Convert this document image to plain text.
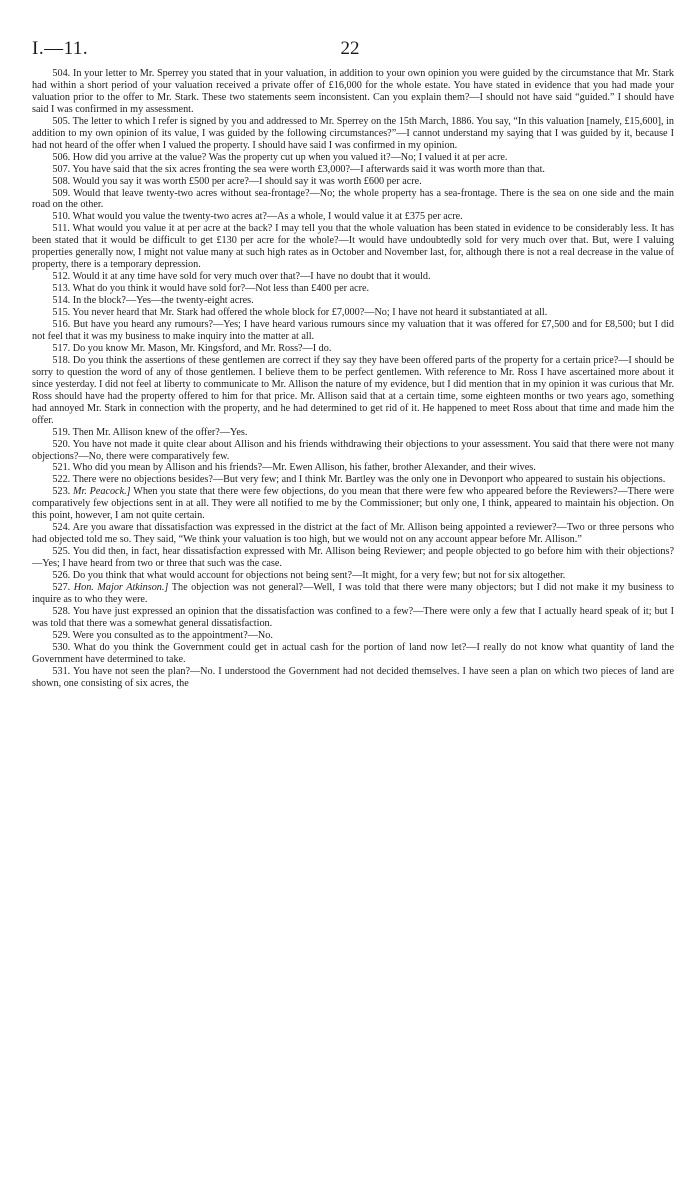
I.—11.	22

504. In your letter to Mr. Sperrey you stated that in your valuation, in addition to your own opinion you were guided by the circumstance that Mr. Stark had within a short period of your valuation received a private offer of £16,000 for the whole estate. You have stated in evidence that you had made your valuation prior to the offer to Mr. Stark. These two statements seem inconsistent. Can you explain them?—I should not have said “guided.” I should have said I was confirmed in my assessment.

505. The letter to which I refer is signed by you and addressed to Mr. Sperrey on the 15th March, 1886. You say, “In this valuation [namely, £15,600], in addition to my own opinion of its value, I was guided by the following circumstances?”—I cannot understand my saying that I was guided by it, because I had not heard of the offer when I valued the property. I should have said I was confirmed in my opinion.

506. How did you arrive at the value? Was the property cut up when you valued it?—No; I valued it at per acre.

507. You have said that the six acres fronting the sea were worth £3,000?—I afterwards said it was worth more than that.

508. Would you say it was worth £500 per acre?—I should say it was worth £600 per acre.

509. Would that leave twenty-two acres without sea-frontage?—No; the whole property has a sea-frontage. There is the sea on one side and the main road on the other.

510. What would you value the twenty-two acres at?—As a whole, I would value it at £375 per acre.

511. What would you value it at per acre at the back? I may tell you that the whole valuation has been stated in evidence to be considerably less. It has been stated that it would be difficult to get £130 per acre for the whole?—It would have undoubtedly sold for very much over that. But, were I valuing properties generally now, I might not value many at such high rates as in October and November last, for, although there is not a real decrease in the value of property, there is a temporary depression.

512. Would it at any time have sold for very much over that?—I have no doubt that it would.

513. What do you think it would have sold for?—Not less than £400 per acre.

514. In the block?—Yes—the twenty-eight acres.

515. You never heard that Mr. Stark had offered the whole block for £7,000?—No; I have not heard it substantiated at all.

516. But have you heard any rumours?—Yes; I have heard various rumours since my valuation that it was offered for £7,500 and for £8,500; but I did not feel that it was my business to make inquiry into the matter at all.

517. Do you know Mr. Mason, Mr. Kingsford, and Mr. Ross?—I do.

518. Do you think the assertions of these gentlemen are correct if they say they have been offered parts of the property for a certain price?—I should be sorry to question the word of any of those gentlemen. I believe them to be perfect gentlemen. With reference to Mr. Ross I have ascertained more about it since yesterday. I did not feel at liberty to communicate to Mr. Allison the nature of my evidence, but I did mention that in my opinion it was curious that Mr. Ross should have had the property offered to him for that price. Mr. Allison said that at a certain time, some eighteen months or two years ago, something had annoyed Mr. Stark in connection with the property, and he had determined to get rid of it. He happened to meet Ross about that time and made him the offer.

519. Then Mr. Allison knew of the offer?—Yes.

520. You have not made it quite clear about Allison and his friends withdrawing their objections to your assessment. You said that there were not many objections?—No, there were comparatively few.

521. Who did you mean by Allison and his friends?—Mr. Ewen Allison, his father, brother Alexander, and their wives.

522. There were no objections besides?—But very few; and I think Mr. Bartley was the only one in Devonport who appeared to sustain his objections.

523. Mr. Peacock.] When you state that there were few objections, do you mean that there were few who appeared before the Reviewers?—There were comparatively few objections sent in at all. They were all notified to me by the Commissioner; but only one, I think, appeared to maintain his objection. On this point, however, I am not quite certain.

524. Are you aware that dissatisfaction was expressed in the district at the fact of Mr. Allison being appointed a reviewer?—Two or three persons who had objected told me so. They said, “We think your valuation is too high, but we would not on any account appear before Mr. Allison.”

525. You did then, in fact, hear dissatisfaction expressed with Mr. Allison being Reviewer; and people objected to go before him with their objections?—Yes; I have heard from two or three that such was the case.

526. Do you think that what would account for objections not being sent?—It might, for a very few; but not for six altogether.

527. Hon. Major Atkinson.] The objection was not general?—Well, I was told that there were many objectors; but I did not make it my business to inquire as to who they were.

528. You have just expressed an opinion that the dissatisfaction was confined to a few?—There were only a few that I actually heard speak of it; but I was told that there was a somewhat general dissatisfaction.

529. Were you consulted as to the appointment?—No.

530. What do you think the Government could get in actual cash for the portion of land now let?—I really do not know what quantity of land the Government have determined to take.

531. You have not seen the plan?—No. I understood the Government had not decided themselves. I have seen a plan on which two pieces of land are shown, one consisting of six acres, the
